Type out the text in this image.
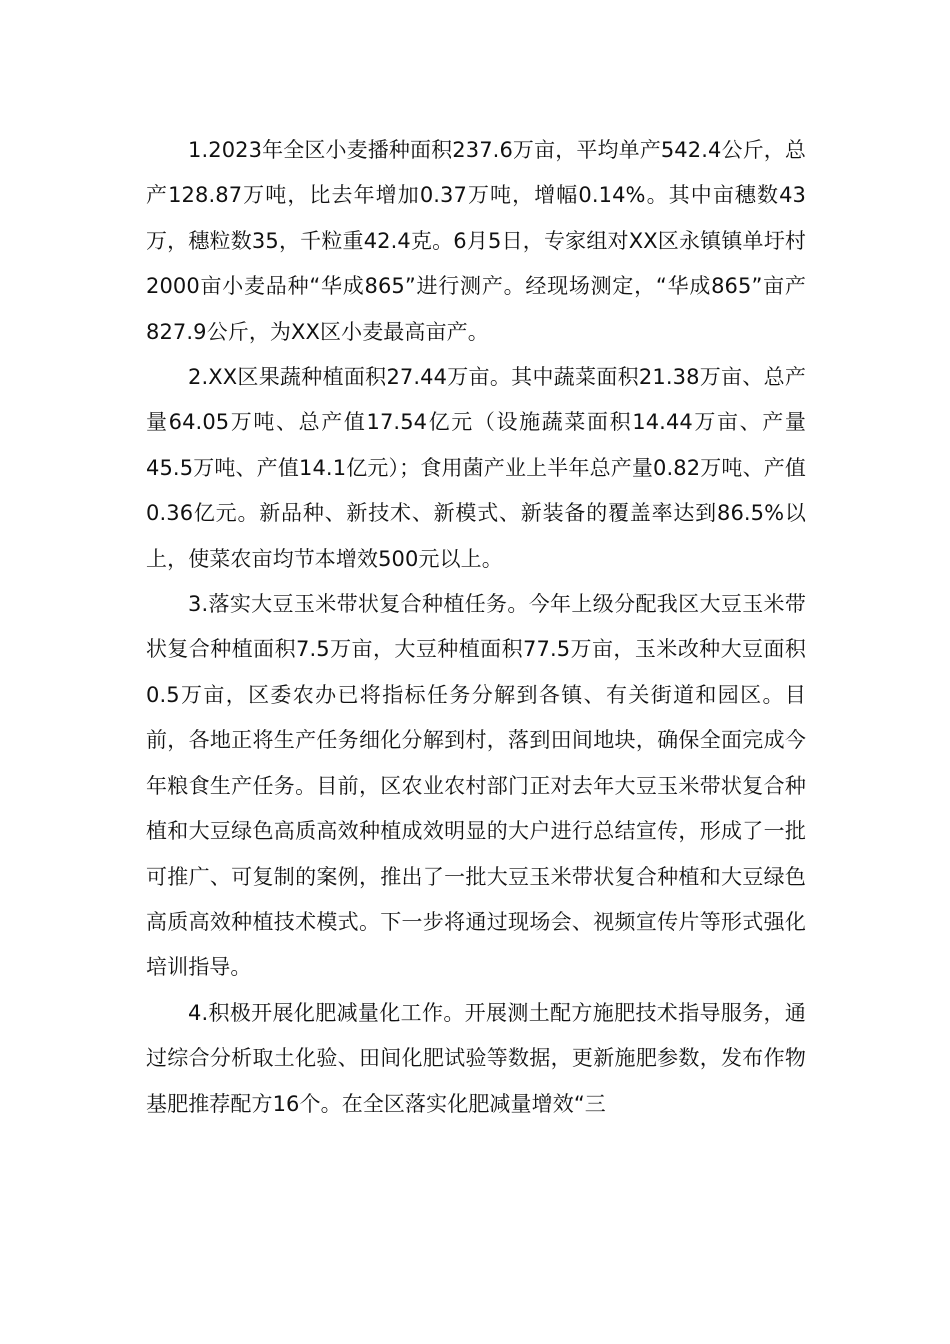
1.2023年全区小麦播种面积237.6万亩，平均单产542.4公斤，总产128.87万吨，比去年增加0.37万吨，增幅0.14%。其中亩穗数43万，穗粒数35，千粒重42.4克。6月5日，专家组对XX区永镇镇单圩村2000亩小麦品种“华成865”进行测产。经现场测定，“华成865”亩产827.9公斤，为XX区小麦最高亩产。

2.XX区果蔬种植面积27.44万亩。其中蔬菜面积21.38万亩、总产量64.05万吨、总产值17.54亿元（设施蔬菜面积14.44万亩、产量45.5万吨、产值14.1亿元）；食用菌产业上半年总产量0.82万吨、产值0.36亿元。新品种、新技术、新模式、新装备的覆盖率达到86.5%以上，使菜农亩均节本增效500元以上。

3.落实大豆玉米带状复合种植任务。今年上级分配我区大豆玉米带状复合种植面积7.5万亩，大豆种植面积77.5万亩，玉米改种大豆面积0.5万亩，区委农办已将指标任务分解到各镇、有关街道和园区。目前，各地正将生产任务细化分解到村，落到田间地块，确保全面完成今年粮食生产任务。目前，区农业农村部门正对去年大豆玉米带状复合种植和大豆绿色高质高效种植成效明显的大户进行总结宣传，形成了一批可推广、可复制的案例，推出了一批大豆玉米带状复合种植和大豆绿色高质高效种植技术模式。下一步将通过现场会、视频宣传片等形式强化培训指导。

4.积极开展化肥减量化工作。开展测土配方施肥技术指导服务，通过综合分析取土化验、田间化肥试验等数据，更新施肥参数，发布作物基肥推荐配方16个。在全区落实化肥减量增效“三
